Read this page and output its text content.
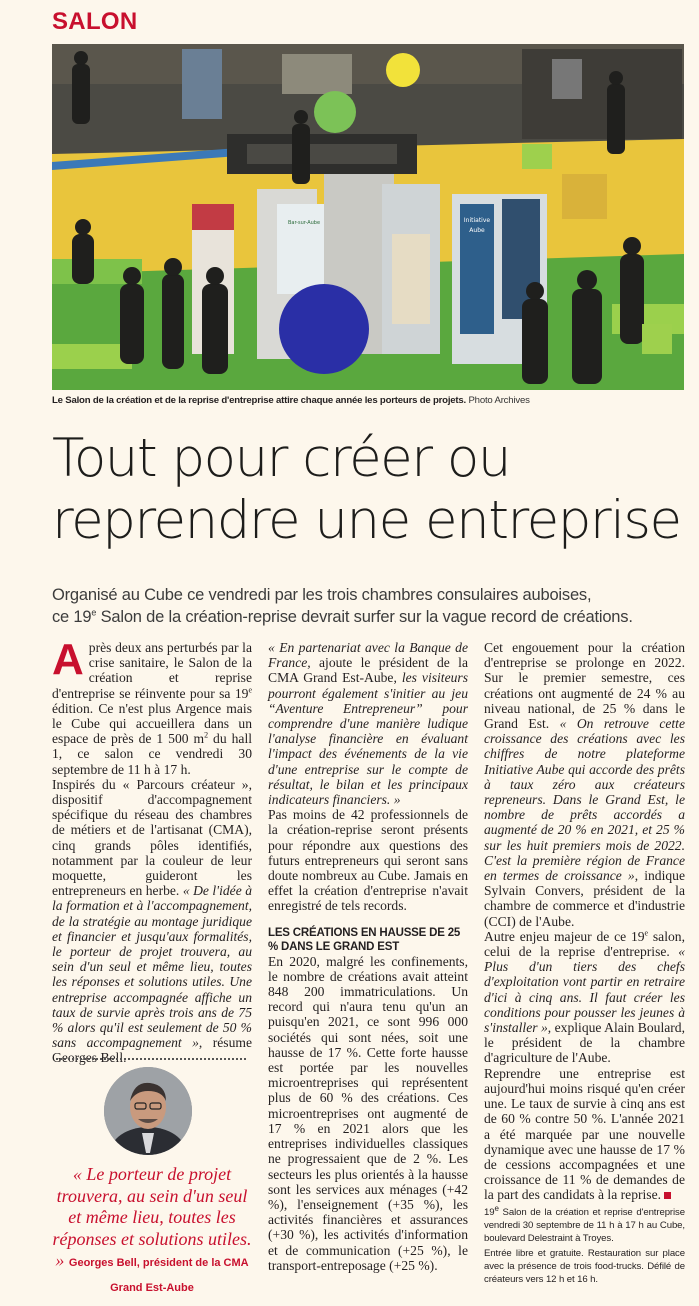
SALON
Bar-sur-Aube	Initiative
Aube
Le Salon de la création et de la reprise d'entreprise attire chaque année les porteurs de projets. Photo Archives
Tout pour créer ou reprendre une entreprise
Organisé au Cube ce vendredi par les trois chambres consulaires auboises,
ce 19e Salon de la création-reprise devrait surfer sur la vague record de créations.

Après deux ans perturbés par la crise sanitaire, le Salon de la création et reprise d'entreprise se réinvente pour sa 19e édition. Ce n'est plus Argence mais le Cube qui accueillera dans un espace de près de 1 500 $m^2$ du hall 1, ce salon ce vendredi 30 septembre de 11 h à 17 h.

Inspirés du « Parcours créateur », dispositif d'accompagnement spécifique du réseau des chambres de métiers et de l'artisanat (CMA), cinq grands pôles identifiés, notamment par la couleur de leur moquette, guideront les entrepreneurs en herbe. « De l'idée à la formation et à l'accompagnement, de la stratégie au montage juridique et financier et jusqu'aux formalités, le porteur de projet trouvera, au sein d'un seul et même lieu, toutes les réponses et solutions utiles. Une entreprise accompagnée affiche un taux de survie après trois ans de 75 % alors qu'il est seulement de 50 % sans accompagnement », résume Georges Bell.

« Le porteur de projet trouvera, au sein d'un seul et même lieu, toutes les réponses et solutions utiles. » Georges Bell, président de la CMA Grand Est-Aube

« En partenariat avec la Banque de France, ajoute le président de la CMA Grand Est-Aube, les visiteurs pourront également s'initier au jeu “Aventure Entrepreneur” pour comprendre d'une manière ludique l'analyse financière en évaluant l'impact des événements de la vie d'une entreprise sur le compte de résultat, le bilan et les principaux indicateurs financiers. »

Pas moins de 42 professionnels de la création-reprise seront présents pour répondre aux questions des futurs entrepreneurs qui seront sans doute nombreux au Cube. Jamais en effet la création d'entreprise n'avait enregistré de tels records.

LES CRÉATIONS EN HAUSSE DE 25 % DANS LE GRAND EST

En 2020, malgré les confinements, le nombre de créations avait atteint 848 200 immatriculations. Un record qui n'aura tenu qu'un an puisqu'en 2021, ce sont 996 000 sociétés qui sont nées, soit une hausse de 17 %. Cette forte hausse est portée par les nouvelles microentreprises qui représentent plus de 60 % des créations. Ces microentreprises ont augmenté de 17 % en 2021 alors que les entreprises individuelles classiques ne progressaient que de 2 %. Les secteurs les plus orientés à la hausse sont les services aux ménages (+42 %), l'enseignement (+35 %), les activités financières et assurances (+30 %), les activités d'information et de communication (+25 %), le transport-entreposage (+25 %).

Cet engouement pour la création d'entreprise se prolonge en 2022. Sur le premier semestre, ces créations ont augmenté de 24 % au niveau national, de 25 % dans le Grand Est. « On retrouve cette croissance des créations avec les chiffres de notre plateforme Initiative Aube qui accorde des prêts à taux zéro aux créateurs repreneurs. Dans le Grand Est, le nombre de prêts accordés a augmenté de 20 % en 2021, et 25 % sur les huit premiers mois de 2022. C'est la première région de France en termes de croissance », indique Sylvain Convers, président de la chambre de commerce et d'industrie (CCI) de l'Aube.

Autre enjeu majeur de ce 19e salon, celui de la reprise d'entreprise. « Plus d'un tiers des chefs d'exploitation vont partir en retraire d'ici à cinq ans. Il faut créer les conditions pour pousser les jeunes à s'installer », explique Alain Boulard, le président de la chambre d'agriculture de l'Aube.

Reprendre une entreprise est aujourd'hui moins risqué qu'en créer une. Le taux de survie à cinq ans est de 60 % contre 50 %. L'année 2021 a été marquée par une nouvelle dynamique avec une hausse de 17 % de cessions accompagnées et une croissance de 11 % de demandes de la part des candidats à la reprise.

19e Salon de la création et reprise d'entreprise vendredi 30 septembre de 11 h à 17 h au Cube, boulevard Delestraint à Troyes.

Entrée libre et gratuite. Restauration sur place avec la présence de trois food-trucks. Défilé de créateurs vers 12 h et 16 h.
